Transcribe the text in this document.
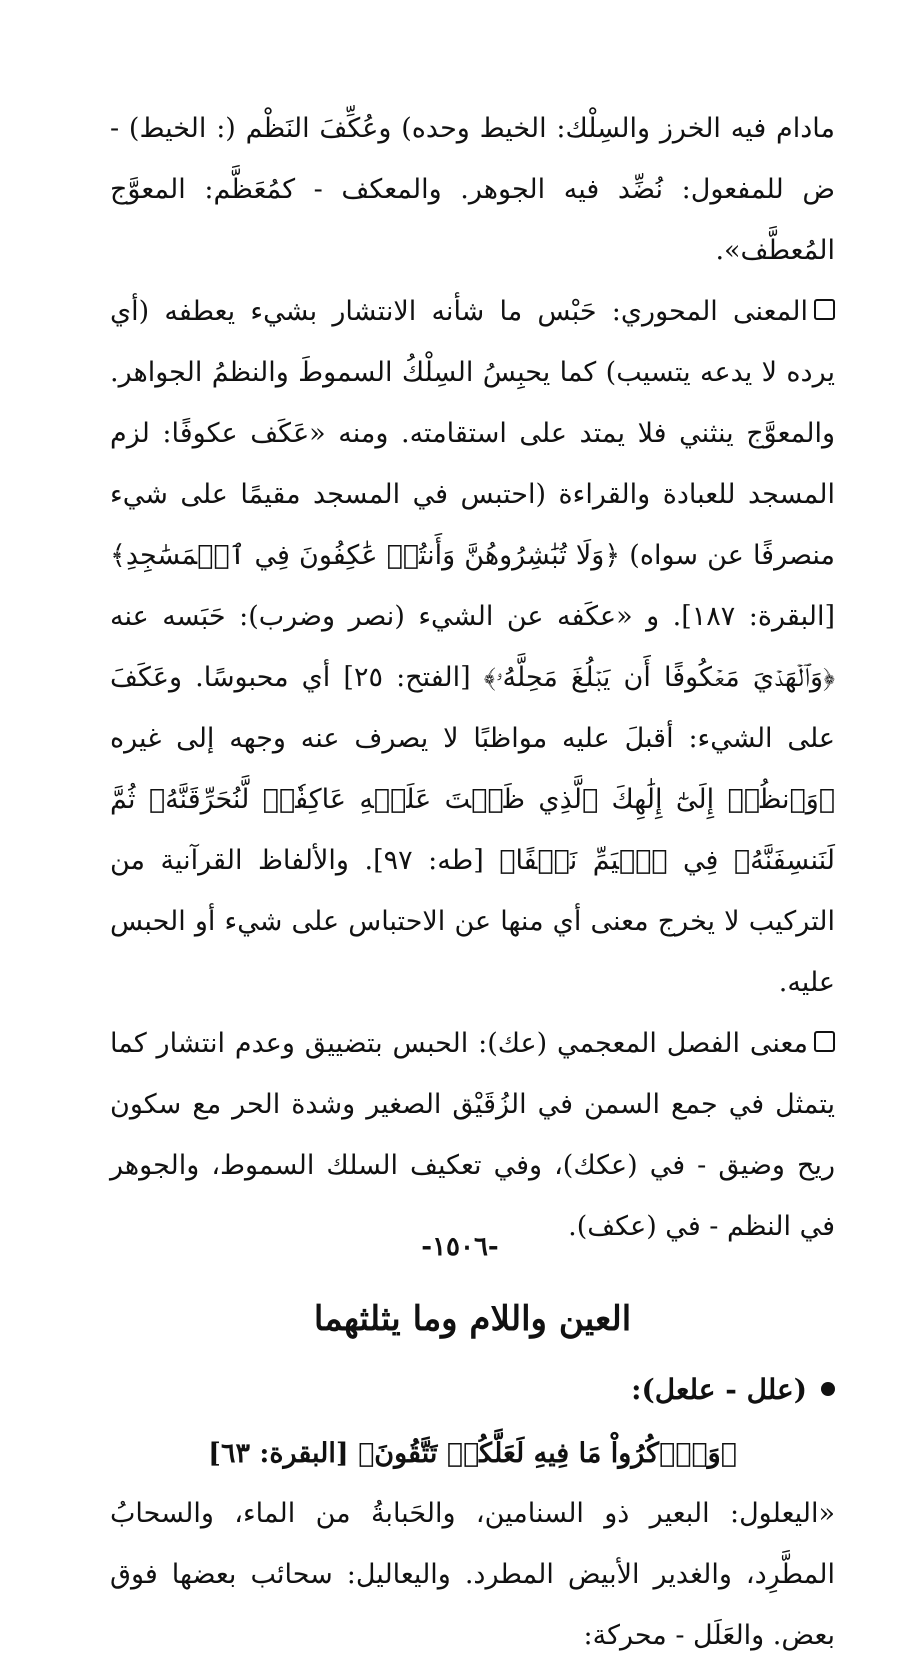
مادام فيه الخرز والسِلْك: الخيط وحده) وعُكِّفَ النَظْم (: الخيط) - ض للمفعول: نُضِّد فيه الجوهر. والمعكف - كمُعَظَّم: المعوَّج المُعطَّف».

المعنى المحوري: حَبْس ما شأنه الانتشار بشيء يعطفه (أي يرده لا يدعه يتسيب) كما يحبِسُ السِلْكُ السموطَ والنظمُ الجواهر. والمعوَّج ينثني فلا يمتد على استقامته. ومنه «عَكَف عكوفًا: لزم المسجد للعبادة والقراءة (احتبس في المسجد مقيمًا على شيء منصرفًا عن سواه) ﴿وَلَا تُبَٰشِرُوهُنَّ وَأَنتُمۡ عَٰكِفُونَ فِي ٱلۡمَسَٰجِدِ﴾ [البقرة: ١٨٧]. و «عكَفه عن الشيء (نصر وضرب): حَبَسه عنه ﴿وَٱلۡهَدۡيَ مَعۡكُوفًا أَن يَبۡلُغَ مَحِلَّهُۥ﴾ [الفتح: ٢٥] أي محبوسًا. وعَكَفَ على الشيء: أقبلَ عليه مواظبًا لا يصرف عنه وجهه إلى غيره ﴿وَٱنظُرۡ إِلَىٰٓ إِلَٰهِكَ ٱلَّذِي ظَلۡتَ عَلَيۡهِ عَاكِفٗاۖ لَّنُحَرِّقَنَّهُۥ ثُمَّ لَنَنسِفَنَّهُۥ فِي ٱلۡيَمِّ نَسۡفًا﴾ [طه: ٩٧]. والألفاظ القرآنية من التركيب لا يخرج معنى أي منها عن الاحتباس على شيء أو الحبس عليه.

معنى الفصل المعجمي (عك): الحبس بتضييق وعدم انتشار كما يتمثل في جمع السمن في الزُقَيْق الصغير وشدة الحر مع سكون ريح وضيق - في (عكك)، وفي تعكيف السلك السموط، والجوهر في النظم - في (عكف).

العين واللام وما يثلثهما

(علل - علعل):

﴿وَٱذۡكُرُواْ مَا فِيهِ لَعَلَّكُمۡ تَتَّقُونَ﴾ [البقرة: ٦٣]

«اليعلول: البعير ذو السنامين، والحَبابةُ من الماء، والسحابُ المطَّرِد، والغدير الأبيض المطرد. واليعاليل: سحائب بعضها فوق بعض. والعَلَل - محركة:

-١٥٠٦-
